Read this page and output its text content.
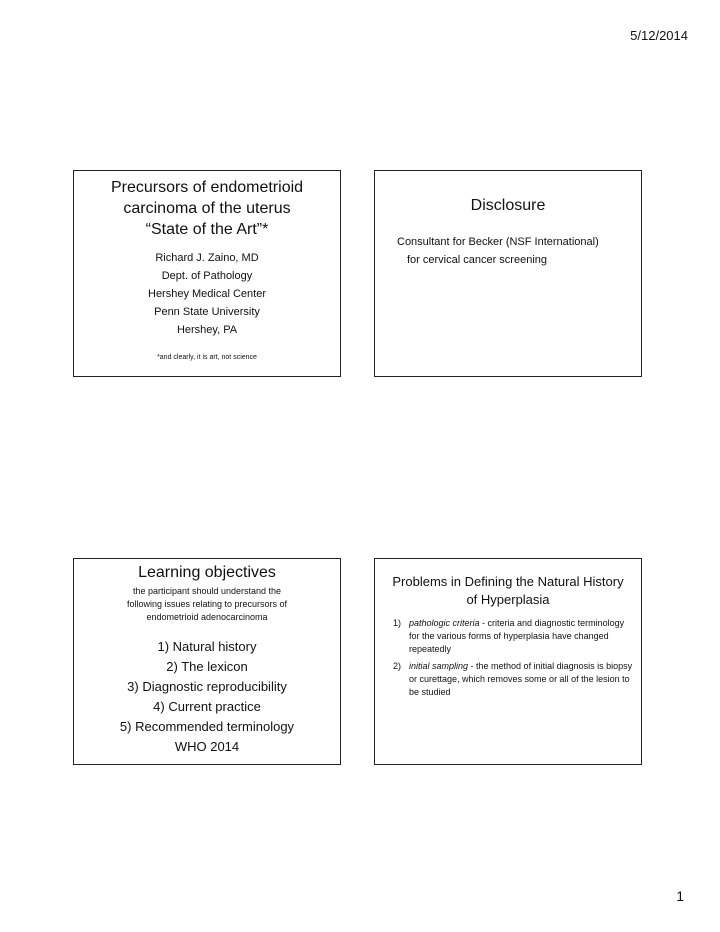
5/12/2014
Precursors of endometrioid
carcinoma of the uterus
“State of the Art”*
Richard J. Zaino, MD
Dept. of Pathology
Hershey Medical Center
Penn State University
Hershey, PA
*and clearly, it is art, not science
Disclosure
Consultant for Becker (NSF International)
for cervical cancer screening
Learning objectives
the participant should understand the
following issues relating to precursors of
endometrioid adenocarcinoma
1) Natural history
2) The lexicon
3) Diagnostic reproducibility
4) Current practice
5) Recommended terminology
WHO 2014
Problems in Defining the Natural History
of Hyperplasia
1) pathologic criteria - criteria and diagnostic terminology for the various forms of hyperplasia have changed repeatedly
2) initial sampling - the method of initial diagnosis is biopsy or curettage, which removes some or all of the lesion to be studied
1
